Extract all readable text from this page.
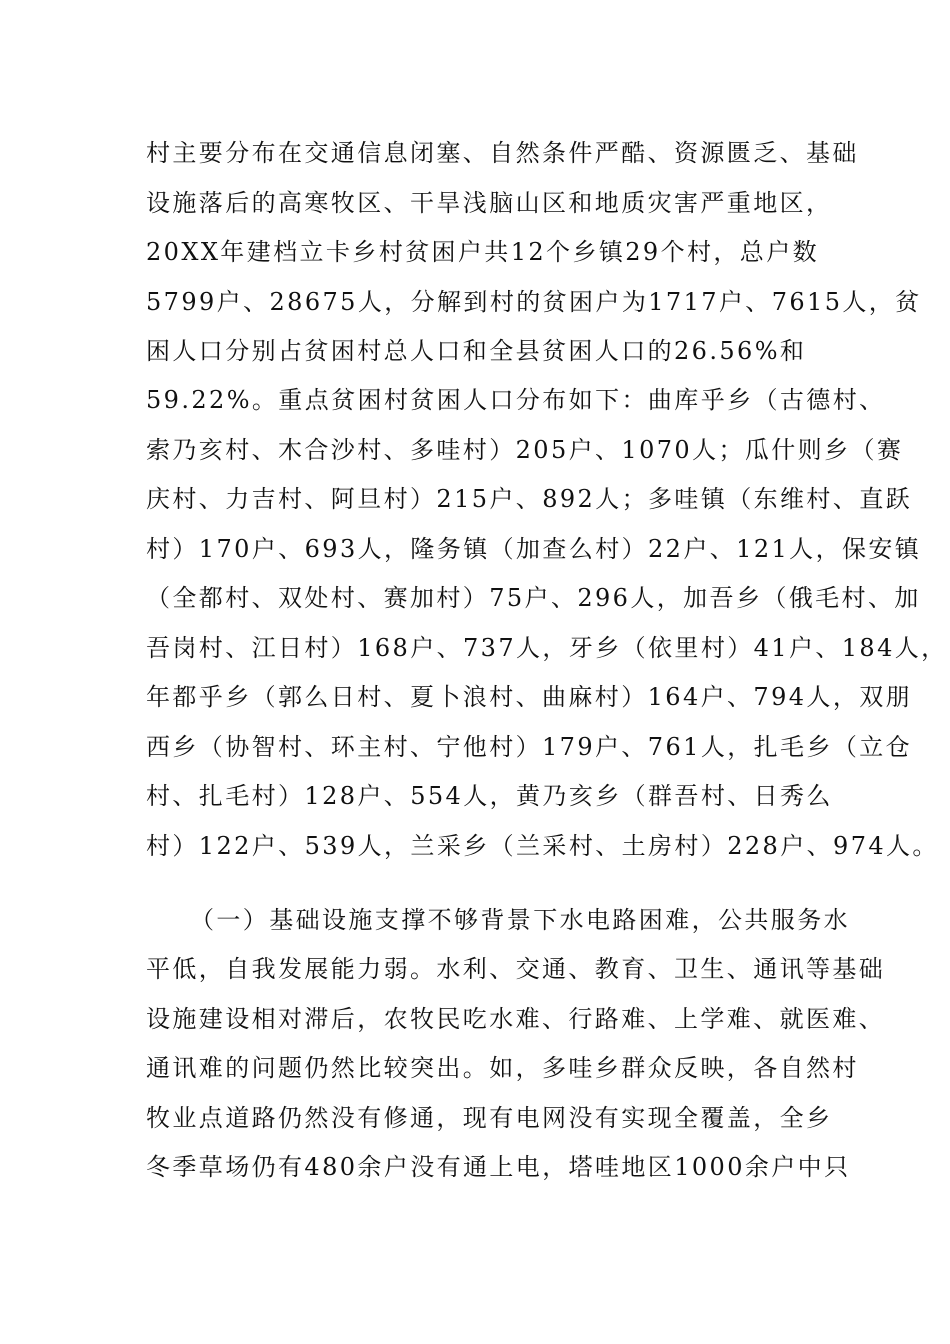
村主要分布在交通信息闭塞、自然条件严酷、资源匮乏、基础
设施落后的高寒牧区、干旱浅脑山区和地质灾害严重地区，
20XX年建档立卡乡村贫困户共12个乡镇29个村，总户数
5799户、28675人，分解到村的贫困户为1717户、7615人，贫
困人口分别占贫困村总人口和全县贫困人口的26.56%和
59.22%。重点贫困村贫困人口分布如下：曲库乎乡（古德村、
索乃亥村、木合沙村、多哇村）205户、1070人；瓜什则乡（赛
庆村、力吉村、阿旦村）215户、892人；多哇镇（东维村、直跃
村）170户、693人，隆务镇（加查么村）22户、121人，保安镇
（全都村、双处村、赛加村）75户、296人，加吾乡（俄毛村、加
吾岗村、江日村）168户、737人，牙乡（依里村）41户、184人，
年都乎乡（郭么日村、夏卜浪村、曲麻村）164户、794人，双朋
西乡（协智村、环主村、宁他村）179户、761人，扎毛乡（立仓
村、扎毛村）128户、554人，黄乃亥乡（群吾村、日秀么
村）122户、539人，兰采乡（兰采村、土房村）228户、974人。
（一）基础设施支撑不够背景下水电路困难，公共服务水
平低，自我发展能力弱。水利、交通、教育、卫生、通讯等基础
设施建设相对滞后，农牧民吃水难、行路难、上学难、就医难、
通讯难的问题仍然比较突出。如，多哇乡群众反映，各自然村
牧业点道路仍然没有修通，现有电网没有实现全覆盖，全乡
冬季草场仍有480余户没有通上电，塔哇地区1000余户中只
